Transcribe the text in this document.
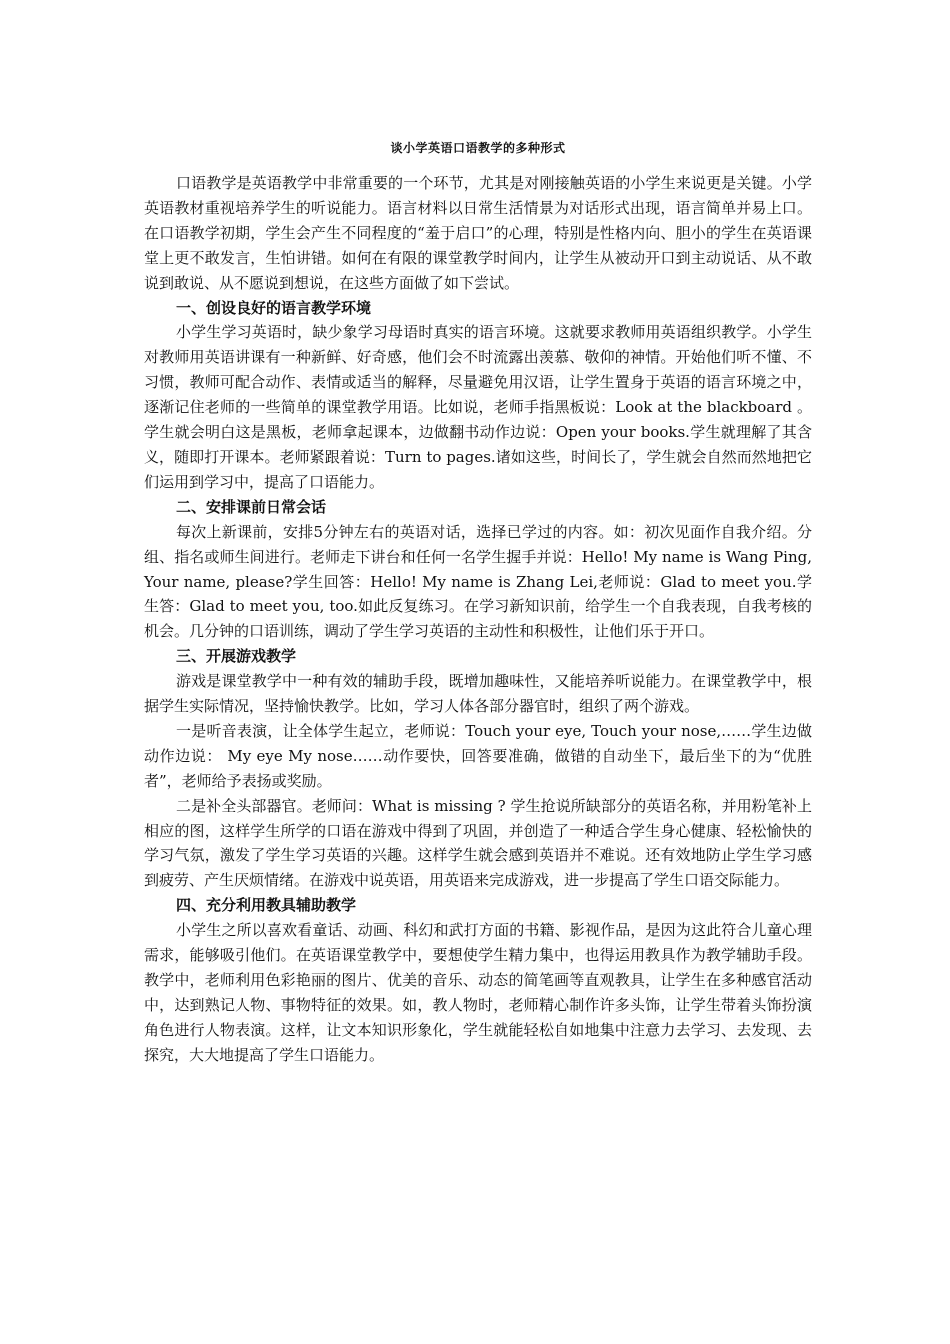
谈小学英语口语教学的多种形式

口语教学是英语教学中非常重要的一个环节，尤其是对刚接触英语的小学生来说更是关键。小学英语教材重视培养学生的听说能力。语言材料以日常生活情景为对话形式出现，语言简单并易上口。在口语教学初期，学生会产生不同程度的“羞于启口”的心理，特别是性格内向、胆小的学生在英语课堂上更不敢发言，生怕讲错。如何在有限的课堂教学时间内，让学生从被动开口到主动说话、从不敢说到敢说、从不愿说到想说，在这些方面做了如下尝试。

一、创设良好的语言教学环境

小学生学习英语时，缺少象学习母语时真实的语言环境。这就要求教师用英语组织教学。小学生对教师用英语讲课有一种新鲜、好奇感，他们会不时流露出羡慕、敬仰的神情。开始他们听不懂、不习惯，教师可配合动作、表情或适当的解释，尽量避免用汉语，让学生置身于英语的语言环境之中，逐渐记住老师的一些简单的课堂教学用语。比如说，老师手指黑板说：Look at the blackboard 。学生就会明白这是黑板，老师拿起课本，边做翻书动作边说：Open your books.学生就理解了其含义，随即打开课本。老师紧跟着说：Turn to pages.诸如这些，时间长了，学生就会自然而然地把它们运用到学习中，提高了口语能力。

二、安排课前日常会话

每次上新课前，安排5分钟左右的英语对话，选择已学过的内容。如：初次见面作自我介绍。分组、指名或师生间进行。老师走下讲台和任何一名学生握手并说：Hello! My name is Wang Ping, Your name, please?学生回答：Hello! My name is Zhang Lei,老师说：Glad to meet you.学生答：Glad to meet you, too.如此反复练习。在学习新知识前，给学生一个自我表现，自我考核的机会。几分钟的口语训练，调动了学生学习英语的主动性和积极性，让他们乐于开口。

三、开展游戏教学

游戏是课堂教学中一种有效的辅助手段，既增加趣味性，又能培养听说能力。在课堂教学中，根据学生实际情况，坚持愉快教学。比如，学习人体各部分器官时，组织了两个游戏。

一是听音表演，让全体学生起立，老师说：Touch your eye, Touch your nose,……学生边做动作边说： My eye My nose……动作要快，回答要准确，做错的自动坐下，最后坐下的为“优胜者”，老师给予表扬或奖励。

二是补全头部器官。老师问：What is missing ? 学生抢说所缺部分的英语名称，并用粉笔补上相应的图，这样学生所学的口语在游戏中得到了巩固，并创造了一种适合学生身心健康、轻松愉快的学习气氛，激发了学生学习英语的兴趣。这样学生就会感到英语并不难说。还有效地防止学生学习感到疲劳、产生厌烦情绪。在游戏中说英语，用英语来完成游戏，进一步提高了学生口语交际能力。

四、充分利用教具辅助教学

小学生之所以喜欢看童话、动画、科幻和武打方面的书籍、影视作品，是因为这此符合儿童心理需求，能够吸引他们。在英语课堂教学中，要想使学生精力集中，也得运用教具作为教学辅助手段。教学中，老师利用色彩艳丽的图片、优美的音乐、动态的简笔画等直观教具，让学生在多种感官活动中，达到熟记人物、事物特征的效果。如，教人物时，老师精心制作许多头饰，让学生带着头饰扮演角色进行人物表演。这样，让文本知识形象化，学生就能轻松自如地集中注意力去学习、去发现、去探究，大大地提高了学生口语能力。
